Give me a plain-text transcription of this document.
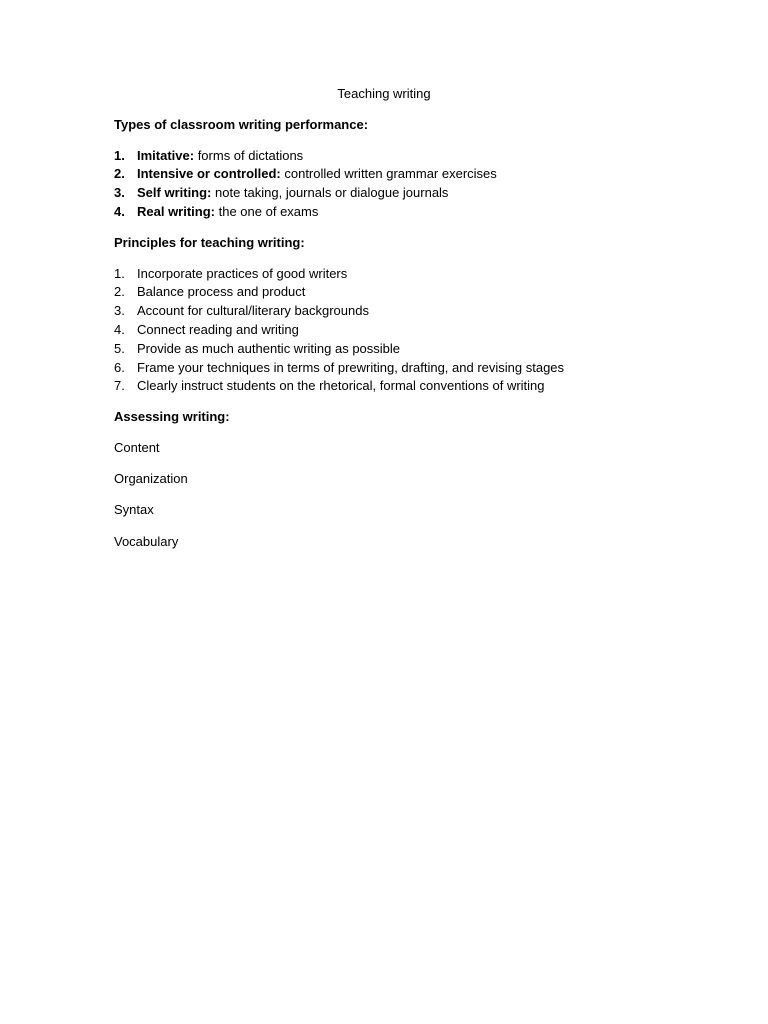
Teaching writing
Types of classroom writing performance:
1. Imitative: forms of dictations
2. Intensive or controlled: controlled written grammar exercises
3. Self writing: note taking, journals or dialogue journals
4. Real writing: the one of exams
Principles for teaching writing:
1. Incorporate practices of good writers
2. Balance process and product
3. Account for cultural/literary backgrounds
4. Connect reading and writing
5. Provide as much authentic writing as possible
6. Frame your techniques in terms of prewriting, drafting, and revising stages
7. Clearly instruct students on the rhetorical, formal conventions of writing
Assessing writing:
Content
Organization
Syntax
Vocabulary
